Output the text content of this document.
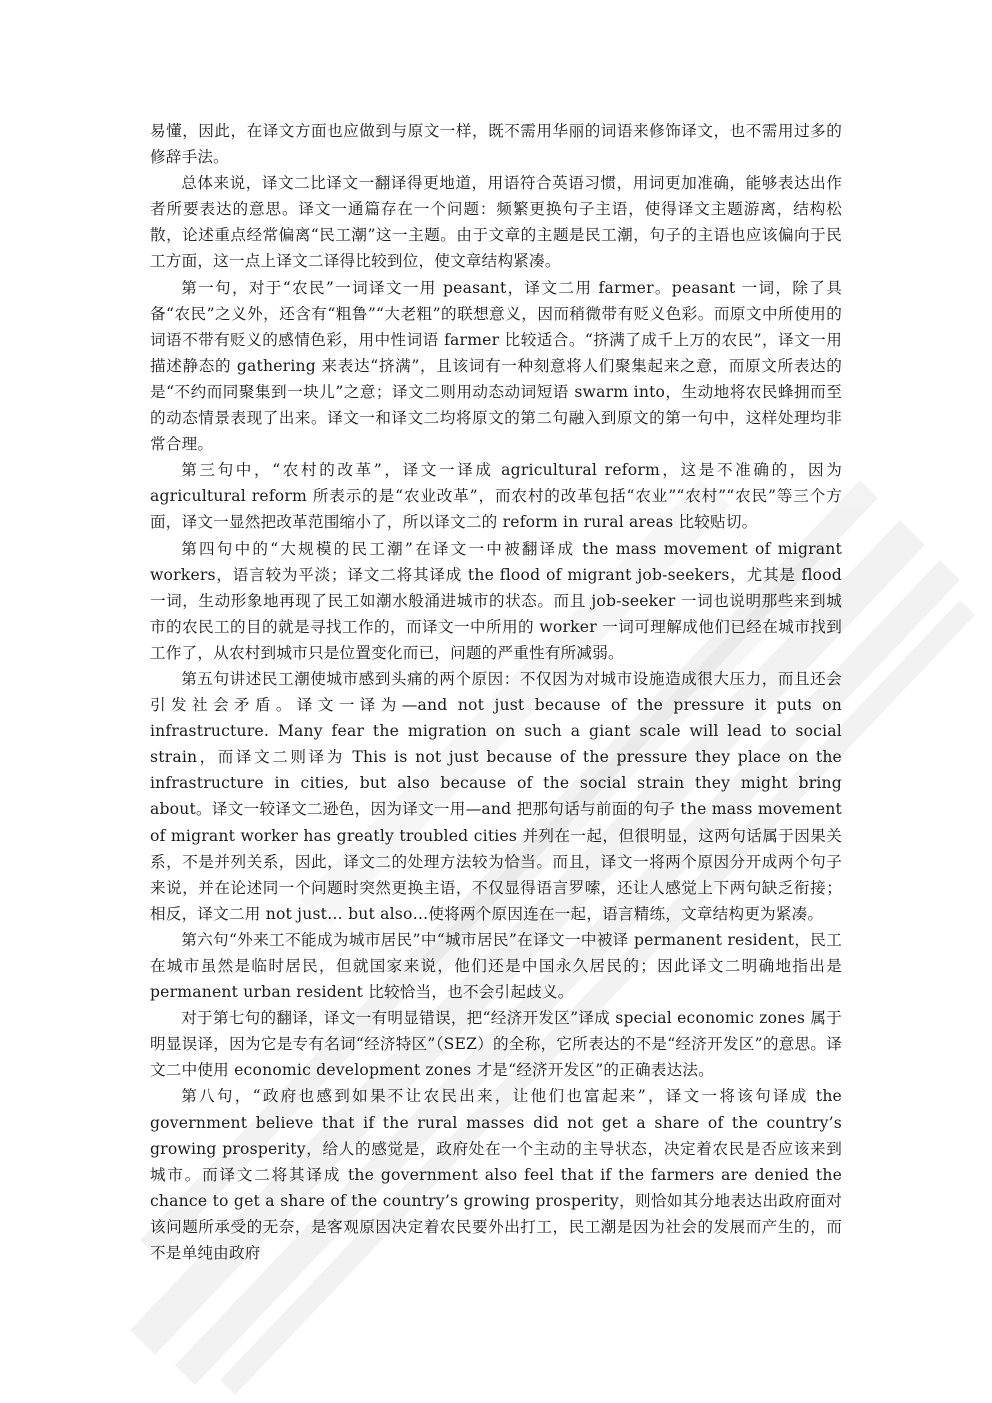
易懂，因此，在译文方面也应做到与原文一样，既不需用华丽的词语来修饰译文，也不需用过多的修辞手法。

总体来说，译文二比译文一翻译得更地道，用语符合英语习惯，用词更加准确，能够表达出作者所要表达的意思。译文一通篇存在一个问题：频繁更换句子主语，使得译文主题游离，结构松散，论述重点经常偏离“民工潮”这一主题。由于文章的主题是民工潮，句子的主语也应该偏向于民工方面，这一点上译文二译得比较到位，使文章结构紧凑。

第一句，对于“农民”一词译文一用 peasant，译文二用 farmer。peasant 一词，除了具备“农民”之义外，还含有“粗鲁”“大老粗”的联想意义，因而稍微带有贬义色彩。而原文中所使用的词语不带有贬义的感情色彩，用中性词语 farmer 比较适合。“挤满了成千上万的农民”，译文一用描述静态的 gathering 来表达“挤满”，且该词有一种刻意将人们聚集起来之意，而原文所表达的是“不约而同聚集到一块儿”之意；译文二则用动态动词短语 swarm into，生动地将农民蜂拥而至的动态情景表现了出来。译文一和译文二均将原文的第二句融入到原文的第一句中，这样处理均非常合理。

第三句中，“农村的改革”，译文一译成 agricultural reform，这是不准确的，因为 agricultural reform 所表示的是“农业改革”，而农村的改革包括“农业”“农村”“农民”等三个方面，译文一显然把改革范围缩小了，所以译文二的 reform in rural areas 比较贴切。

第四句中的“大规模的民工潮”在译文一中被翻译成 the mass movement of migrant workers，语言较为平淡；译文二将其译成 the flood of migrant job-seekers，尤其是 flood 一词，生动形象地再现了民工如潮水般涌进城市的状态。而且 job-seeker 一词也说明那些来到城市的农民工的目的就是寻找工作的，而译文一中所用的 worker 一词可理解成他们已经在城市找到工作了，从农村到城市只是位置变化而已，问题的严重性有所减弱。

第五句讲述民工潮使城市感到头痛的两个原因：不仅因为对城市设施造成很大压力，而且还会引发社会矛盾。译文一译为—and not just because of the pressure it puts on infrastructure. Many fear the migration on such a giant scale will lead to social strain，而译文二则译为 This is not just because of the pressure they place on the infrastructure in cities, but also because of the social strain they might bring about。译文一较译文二逊色，因为译文一用—and 把那句话与前面的句子 the mass movement of migrant worker has greatly troubled cities 并列在一起，但很明显，这两句话属于因果关系，不是并列关系，因此，译文二的处理方法较为恰当。而且，译文一将两个原因分开成两个句子来说，并在论述同一个问题时突然更换主语，不仅显得语言罗嗦，还让人感觉上下两句缺乏衔接；相反，译文二用 not just… but also…使将两个原因连在一起，语言精练，文章结构更为紧凑。

第六句“外来工不能成为城市居民”中“城市居民”在译文一中被译 permanent resident，民工在城市虽然是临时居民，但就国家来说，他们还是中国永久居民的；因此译文二明确地指出是 permanent urban resident 比较恰当，也不会引起歧义。

对于第七句的翻译，译文一有明显错误，把“经济开发区”译成 special economic zones 属于明显误译，因为它是专有名词“经济特区”（SEZ）的全称，它所表达的不是“经济开发区”的意思。译文二中使用 economic development zones 才是“经济开发区”的正确表达法。

第八句，“政府也感到如果不让农民出来，让他们也富起来”，译文一将该句译成 the government believe that if the rural masses did not get a share of the country’s growing prosperity，给人的感觉是，政府处在一个主动的主导状态，决定着农民是否应该来到城市。而译文二将其译成 the government also feel that if the farmers are denied the chance to get a share of the country’s growing prosperity，则恰如其分地表达出政府面对该问题所承受的无奈，是客观原因决定着农民要外出打工，民工潮是因为社会的发展而产生的，而不是单纯由政府
